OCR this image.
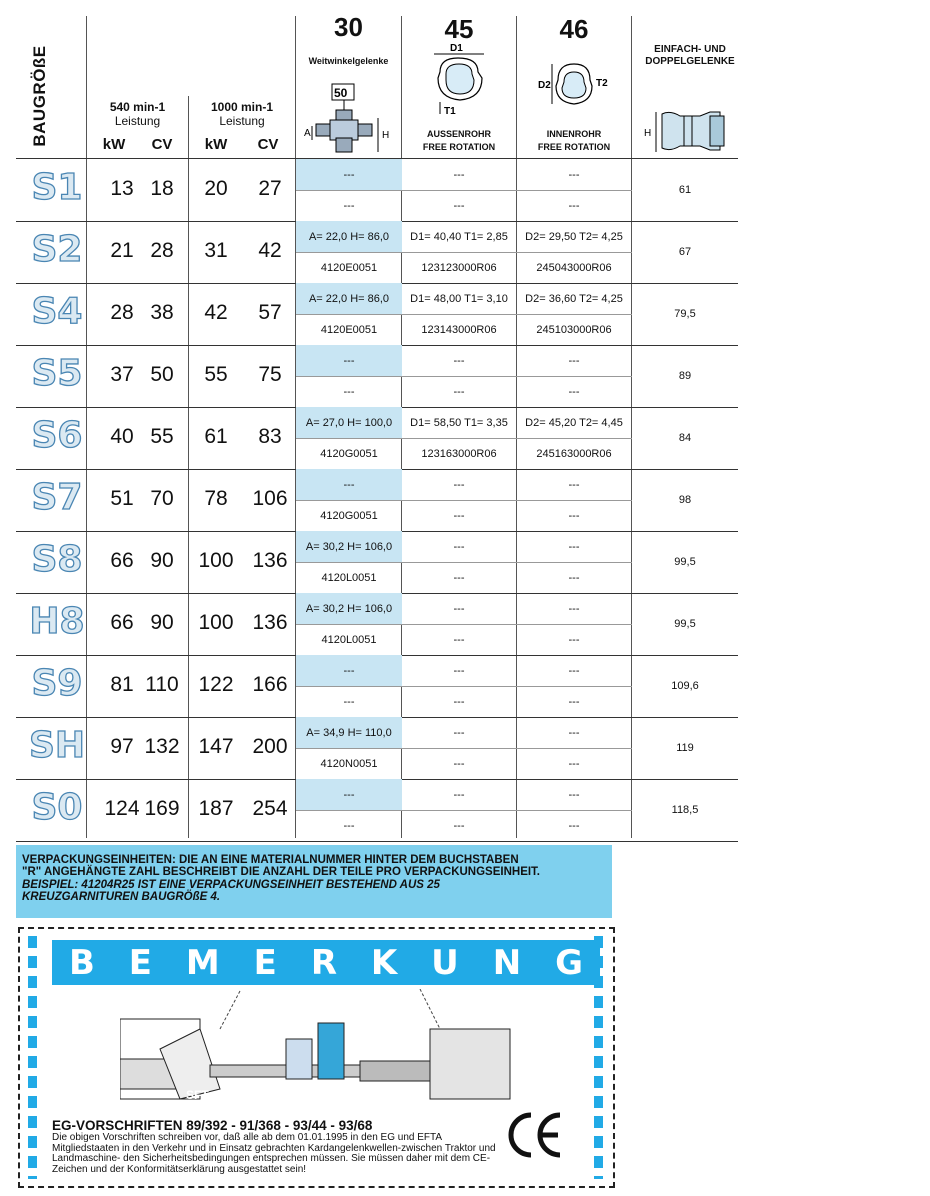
BAUGRÖßE	540 min-1
Leistung
1000 min-1
Leistung
kW	CV	kW	CV
30
Weitwinkelgelenke
50
A	H
45
D1
T1
AUSSENROHR
FREE ROTATION
46
D2	T2
INNENROHR
FREE ROTATION
EINFACH- UND
DOPPELGELENKE
H
S1	13 18	20	27
---
---
---
---
---
---
61
S2	21 28	31	42
A= 22,0 H= 86,0
4120E0051
D1= 40,40 T1= 2,85
123123000R06
D2= 29,50 T2= 4,25
245043000R06
67
S4	28 38	42	57
A= 22,0 H= 86,0
4120E0051
D1= 48,00 T1= 3,10
123143000R06
D2= 36,60 T2= 4,25
245103000R06
79,5
S5	37 50	55	75
---
---
---
---
---
---
89
S6	40 55	61	83
A= 27,0 H= 100,0
4120G0051
D1= 58,50 T1= 3,35
123163000R06
D2= 45,20 T2= 4,45
245163000R06
84
S7	51 70	78	106
---
4120G0051
---
---
---
---
98
S8	66 90	100 136
A= 30,2 H= 106,0
4120L0051
---
---
---
---
99,5
H8	66 90	100 136
A= 30,2 H= 106,0
4120L0051
---
---
---
---
99,5
S9	81 110 122 166
---
---
---
---
---
---
109,6
SH	97 132 147 200
A= 34,9 H= 110,0
4120N0051
---
---
---
---
119
S0	124 169 187 254
---
---
---
---
---
---
118,5

VERPACKUNGSEINHEITEN: DIE AN EINE MATERIALNUMMER HINTER DEM BUCHSTABEN

"R" ANGEHÄNGTE ZAHL BESCHREIBT DIE ANZAHL DER TEILE PRO VERPACKUNGSEINHEIT.

BEISPIEL: 41204R25 IST EINE VERPACKUNGSEINHEIT BESTEHEND AUS 25

KREUZGARNITUREN BAUGRÖßE 4.

B E M E R K U N G
SFT
EG-VORSCHRIFTEN 89/392 - 91/368 - 93/44 - 93/68
Die obigen Vorschriften schreiben vor, daß alle ab dem 01.01.1995 in den EG und EFTA Mitgliedstaaten in den Verkehr und in Einsatz gebrachten Kardangelenkwellen-zwischen Traktor und Landmaschine- den Sicherheitsbedingungen entsprechen müssen. Sie müssen daher mit dem CE-Zeichen und der Konformitätserklärung ausgestattet sein!
